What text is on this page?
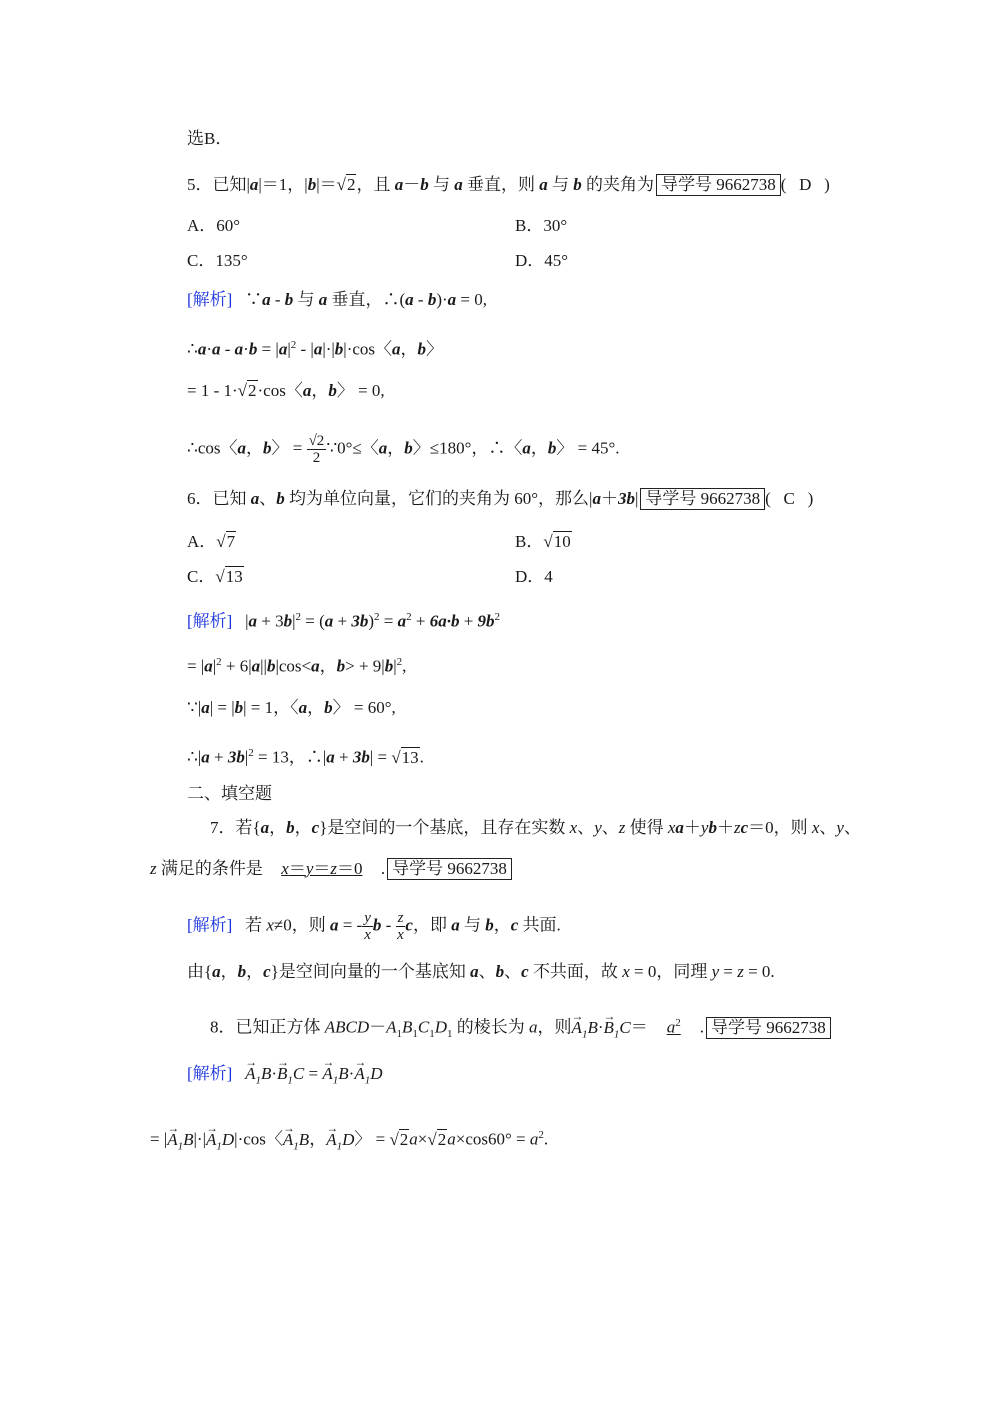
选B．
5．已知|a|＝1，|b|＝√2，且 a－b 与 a 垂直，则 a 与 b 的夹角为 导学号 9662738 (   D   )
A．60°	B．30°
C．135°	D．45°
[解析]   ∵a - b 与 a 垂直，∴(a - b)·a = 0,
∴a·a - $a\cdot b = |a|^2 - |a|\cdot|b|\cdot\cos$〈a，b〉
= 1 - 1·√2·cos〈a，b〉 = 0,
∴cos〈a，b〉 = $\frac{√2}{2}$ ∵0°≤〈a，b〉≤180°，∴〈a，b〉 = 45°.
6．已知 a、b 均为单位向量，它们的夹角为 60°，那么|a＋3b| 导学号 9662738 (   C   )
A．√7	B．√10
C．√13	D．4
[解析]   $|a + 3b|^2 = (a + 3b)^2 = a^2 + 6a\cdot b + 9b^2$
= $|a|^2 + 6|a||b|\cos<a$，$b> + 9|b|^2$,
∵|a| = |b| = 1，〈a，b〉 = 60°,
∴|a + $3b|^2 = 13$，∴|a + 3b| = √13.
二、填空题
7．若{a，b，c}是空间的一个基底，且存在实数 x、y、z 使得 xa＋yb＋zc＝0，则 x、y、
z 满足的条件是 x＝y＝z＝0 . 导学号 9662738
[解析]   若 x≠0，则 a = - $\frac{y}{x}$ b - $\frac{z}{x}$ c，即 a 与 b，c 共面.
由{a，b，c}是空间向量的一个基底知 a、b、c 不共面，故 x = 0，同理 y = z = 0.
8．已知正方体 $ABCD-A_1B_1C_1D_1$ 的棱长为 a，则→ $A_1B\cdot\to B_1C= a^2$ . 导学号 9662738
[解析] → $A_1B\cdot\to B_1C$ = → $A_1B\cdot\to A_1D$
= |→ $A_1B|\cdot|\to A_1D|\cdot\cos$〈→ $A_1B$，→ $A_1D$〉 = $√2a\times√2a\times\cos 60^\circ = a^2$.
